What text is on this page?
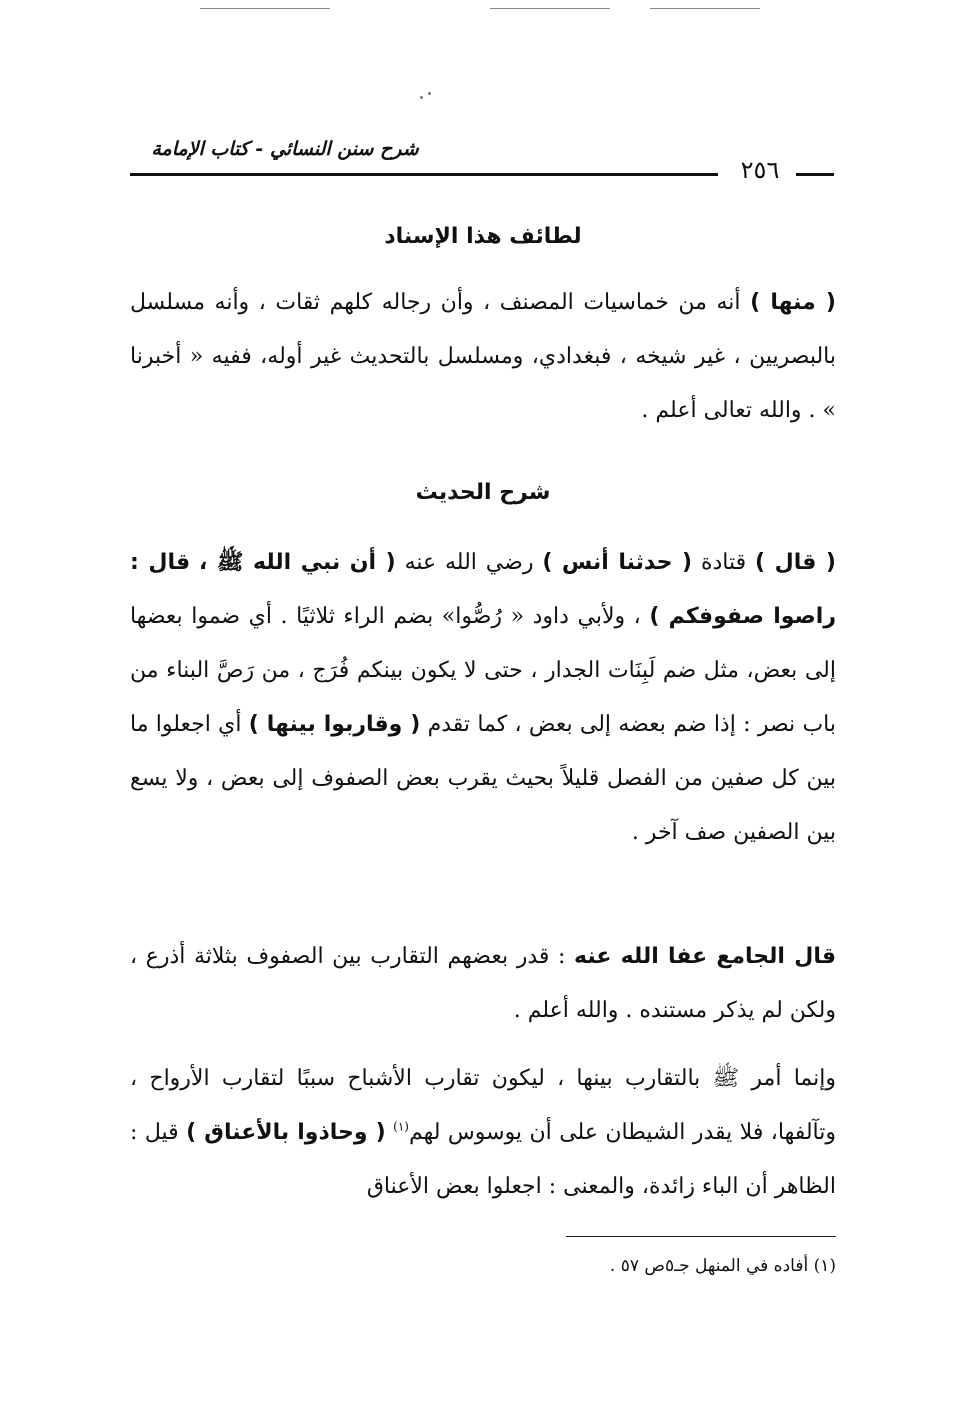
شرح سنن النسائي - كتاب الإمامة
٢٥٦
لطائف هذا الإسناد

( منها ) أنه من خماسيات المصنف ، وأن رجاله كلهم ثقات ، وأنه مسلسل بالبصريين ، غير شيخه ، فبغدادي، ومسلسل بالتحديث غير أوله، ففيه « أخبرنا » . والله تعالى أعلم .

شرح الحديث

( قال ) قتادة ( حدثنا أنس ) رضي الله عنه ( أن نبي الله ﷺ ، قال : راصوا صفوفكم ) ، ولأبي داود « رُصُّوا» بضم الراء ثلاثيًا . أي ضموا بعضها إلى بعض، مثل ضم لَبِنَات الجدار ، حتى لا يكون بينكم فُرَج ، من رَصَّ البناء من باب نصر : إذا ضم بعضه إلى بعض ، كما تقدم ( وقاربوا بينها ) أي اجعلوا ما بين كل صفين من الفصل قليلاً بحيث يقرب بعض الصفوف إلى بعض ، ولا يسع بين الصفين صف آخر .

قال الجامع عفا الله عنه : قدر بعضهم التقارب بين الصفوف بثلاثة أذرع ، ولكن لم يذكر مستنده . والله أعلم .

وإنما أمر ﷺ بالتقارب بينها ، ليكون تقارب الأشباح سببًا لتقارب الأرواح ، وتآلفها، فلا يقدر الشيطان على أن يوسوس لهم$^{(١)}$ ( وحاذوا بالأعناق ) قيل : الظاهر أن الباء زائدة، والمعنى : اجعلوا بعض الأعناق

(١) أفاده في المنهل جـ٥ص ٥٧ .
